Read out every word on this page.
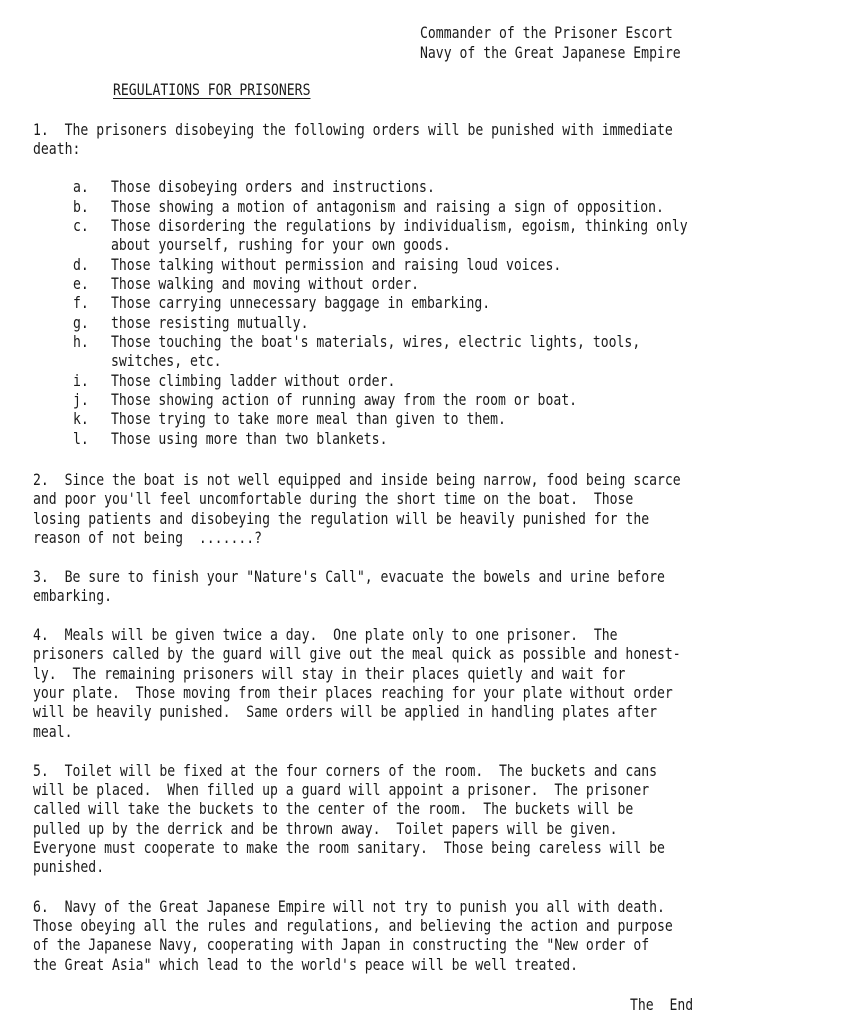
Commander of the Prisoner Escort
Navy of the Great Japanese Empire
REGULATIONS FOR PRISONERS
1.  The prisoners disobeying the following orders will be punished with immediate
death:
a. Those disobeying orders and instructions.
b. Those showing a motion of antagonism and raising a sign of opposition.
c. Those disordering the regulations by individualism, egoism, thinking only
about yourself, rushing for your own goods.
d. Those talking without permission and raising loud voices.
e. Those walking and moving without order.
f. Those carrying unnecessary baggage in embarking.
g. those resisting mutually.
h. Those touching the boat's materials, wires, electric lights, tools,
switches, etc.
i. Those climbing ladder without order.
j. Those showing action of running away from the room or boat.
k. Those trying to take more meal than given to them.
l. Those using more than two blankets.
2.  Since the boat is not well equipped and inside being narrow, food being scarce
and poor you'll feel uncomfortable during the short time on the boat.  Those
losing patients and disobeying the regulation will be heavily punished for the
reason of not being  .......?
3.  Be sure to finish your "Nature's Call", evacuate the bowels and urine before
embarking.
4.  Meals will be given twice a day.  One plate only to one prisoner.  The
prisoners called by the guard will give out the meal quick as possible and honest-
ly.  The remaining prisoners will stay in their places quietly and wait for
your plate.  Those moving from their places reaching for your plate without order
will be heavily punished.  Same orders will be applied in handling plates after
meal.
5.  Toilet will be fixed at the four corners of the room.  The buckets and cans
will be placed.  When filled up a guard will appoint a prisoner.  The prisoner
called will take the buckets to the center of the room.  The buckets will be
pulled up by the derrick and be thrown away.  Toilet papers will be given.
Everyone must cooperate to make the room sanitary.  Those being careless will be
punished.
6.  Navy of the Great Japanese Empire will not try to punish you all with death.
Those obeying all the rules and regulations, and believing the action and purpose
of the Japanese Navy, cooperating with Japan in constructing the "New order of
the Great Asia" which lead to the world's peace will be well treated.
The  End
